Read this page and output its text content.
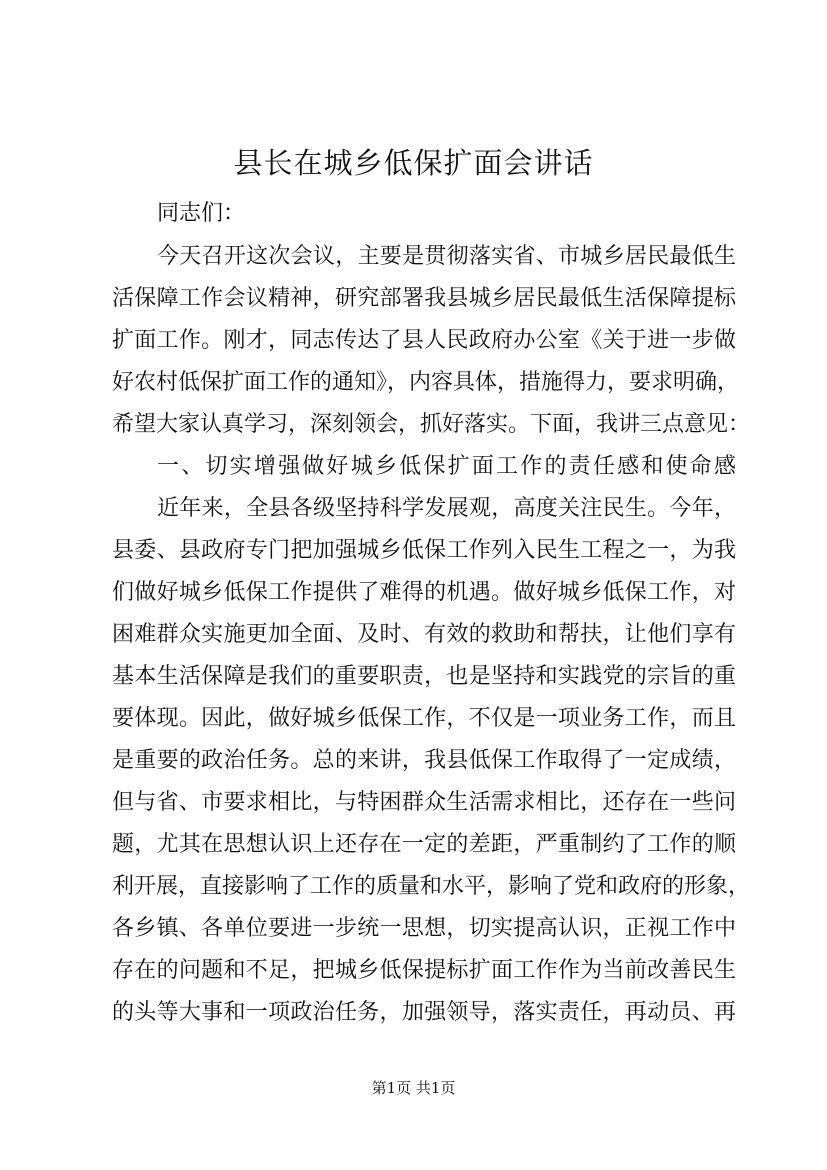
县长在城乡低保扩面会讲话
同志们：
今天召开这次会议，主要是贯彻落实省、市城乡居民最低生
活保障工作会议精神，研究部署我县城乡居民最低生活保障提标
扩面工作。刚才，同志传达了县人民政府办公室《关于进一步做
好农村低保扩面工作的通知》，内容具体，措施得力，要求明确，
希望大家认真学习，深刻领会，抓好落实。下面，我讲三点意见：
一、切实增强做好城乡低保扩面工作的责任感和使命感
近年来，全县各级坚持科学发展观，高度关注民生。今年，
县委、县政府专门把加强城乡低保工作列入民生工程之一，为我
们做好城乡低保工作提供了难得的机遇。做好城乡低保工作，对
困难群众实施更加全面、及时、有效的救助和帮扶，让他们享有
基本生活保障是我们的重要职责，也是坚持和实践党的宗旨的重
要体现。因此，做好城乡低保工作，不仅是一项业务工作，而且
是重要的政治任务。总的来讲，我县低保工作取得了一定成绩，
但与省、市要求相比，与特困群众生活需求相比，还存在一些问
题，尤其在思想认识上还存在一定的差距，严重制约了工作的顺
利开展，直接影响了工作的质量和水平，影响了党和政府的形象，
各乡镇、各单位要进一步统一思想，切实提高认识，正视工作中
存在的问题和不足，把城乡低保提标扩面工作作为当前改善民生
的头等大事和一项政治任务，加强领导，落实责任，再动员、再
第1页 共1页
